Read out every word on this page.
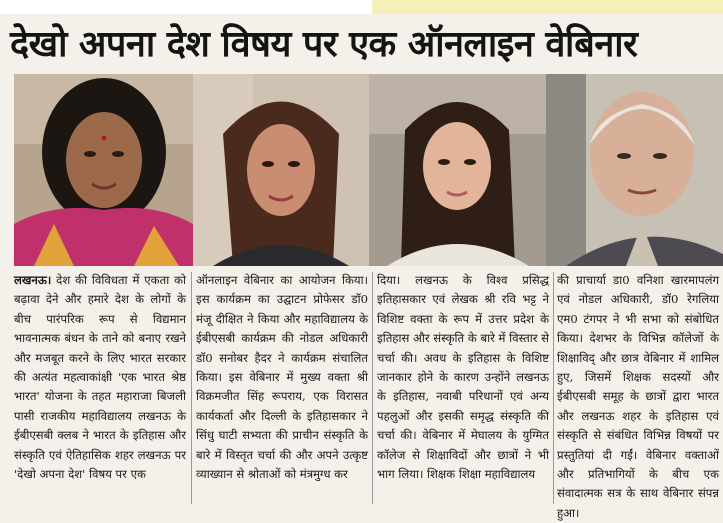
देखो अपना देश विषय पर एक ऑनलाइन वेबिनार

लखनऊ। देश की विविधता में एकता को बढ़ावा देने और हमारे देश के लोगों के बीच पारंपरिक रूप से विद्यमान भावनात्मक बंधन के ताने को बनाए रखने और मजबूत करने के लिए भारत सरकार की अत्यंत महत्वाकांक्षी 'एक भारत श्रेष्ठ भारत' योजना के तहत महाराजा बिजली पासी राजकीय महाविद्यालय लखनऊ के ईबीएसबी क्लब ने भारत के इतिहास और संस्कृति एवं ऐतिहासिक शहर लखनऊ पर 'देखो अपना देश' विषय पर एक

ऑनलाइन वेबिनार का आयोजन किया। इस कार्यक्रम का उद्घाटन प्रोफेसर डॉ0 मंजू दीक्षित ने किया और महाविद्यालय के ईबीएसबी कार्यक्रम की नोडल अधिकारी डॉ0 सनोबर हैदर ने कार्यक्रम संचालित किया। इस वेबिनार में मुख्य वक्ता श्री विक्रमजीत सिंह रूपराय, एक विरासत कार्यकर्ता और दिल्ली के इतिहासकार ने सिंधु घाटी सभ्यता की प्राचीन संस्कृति के बारे में विस्तृत चर्चा की और अपने उत्कृष्ट व्याख्यान से श्रोताओं को मंत्रमुग्ध कर

दिया। लखनऊ के विश्व प्रसिद्ध इतिहासकार एवं लेखक श्री रवि भट्ट ने विशिष्ट वक्ता के रूप में उत्तर प्रदेश के इतिहास और संस्कृति के बारे में विस्तार से चर्चा की। अवध के इतिहास के विशिष्ट जानकार होने के कारण उन्होंने लखनऊ के इतिहास, नवाबी परिधानों एवं अन्य पहलुओं और इसकी समृद्ध संस्कृति की चर्चा की। वेबिनार में मेघालय के युग्मित कॉलेज से शिक्षाविदों और छात्रों ने भी भाग लिया। शिक्षक शिक्षा महाविद्यालय

की प्राचार्या डा0 वनिशा खारमापलंग एवं नोडल अधिकारी, डॉ0 रेगलिया एम0 टंगपर ने भी सभा को संबोधित किया। देशभर के विभिन्न कॉलेजों के शिक्षाविद् और छात्र वेबिनार में शामिल हुए, जिसमें शिक्षक सदस्यों और ईबीएसबी समूह के छात्रों द्वारा भारत और लखनऊ शहर के इतिहास एवं संस्कृति से संबंधित विभिन्न विषयों पर प्रस्तुतियां दी गईं। वेबिनार वक्ताओं और प्रतिभागियों के बीच एक संवादात्मक सत्र के साथ वेबिनार संपन्न हुआ।
